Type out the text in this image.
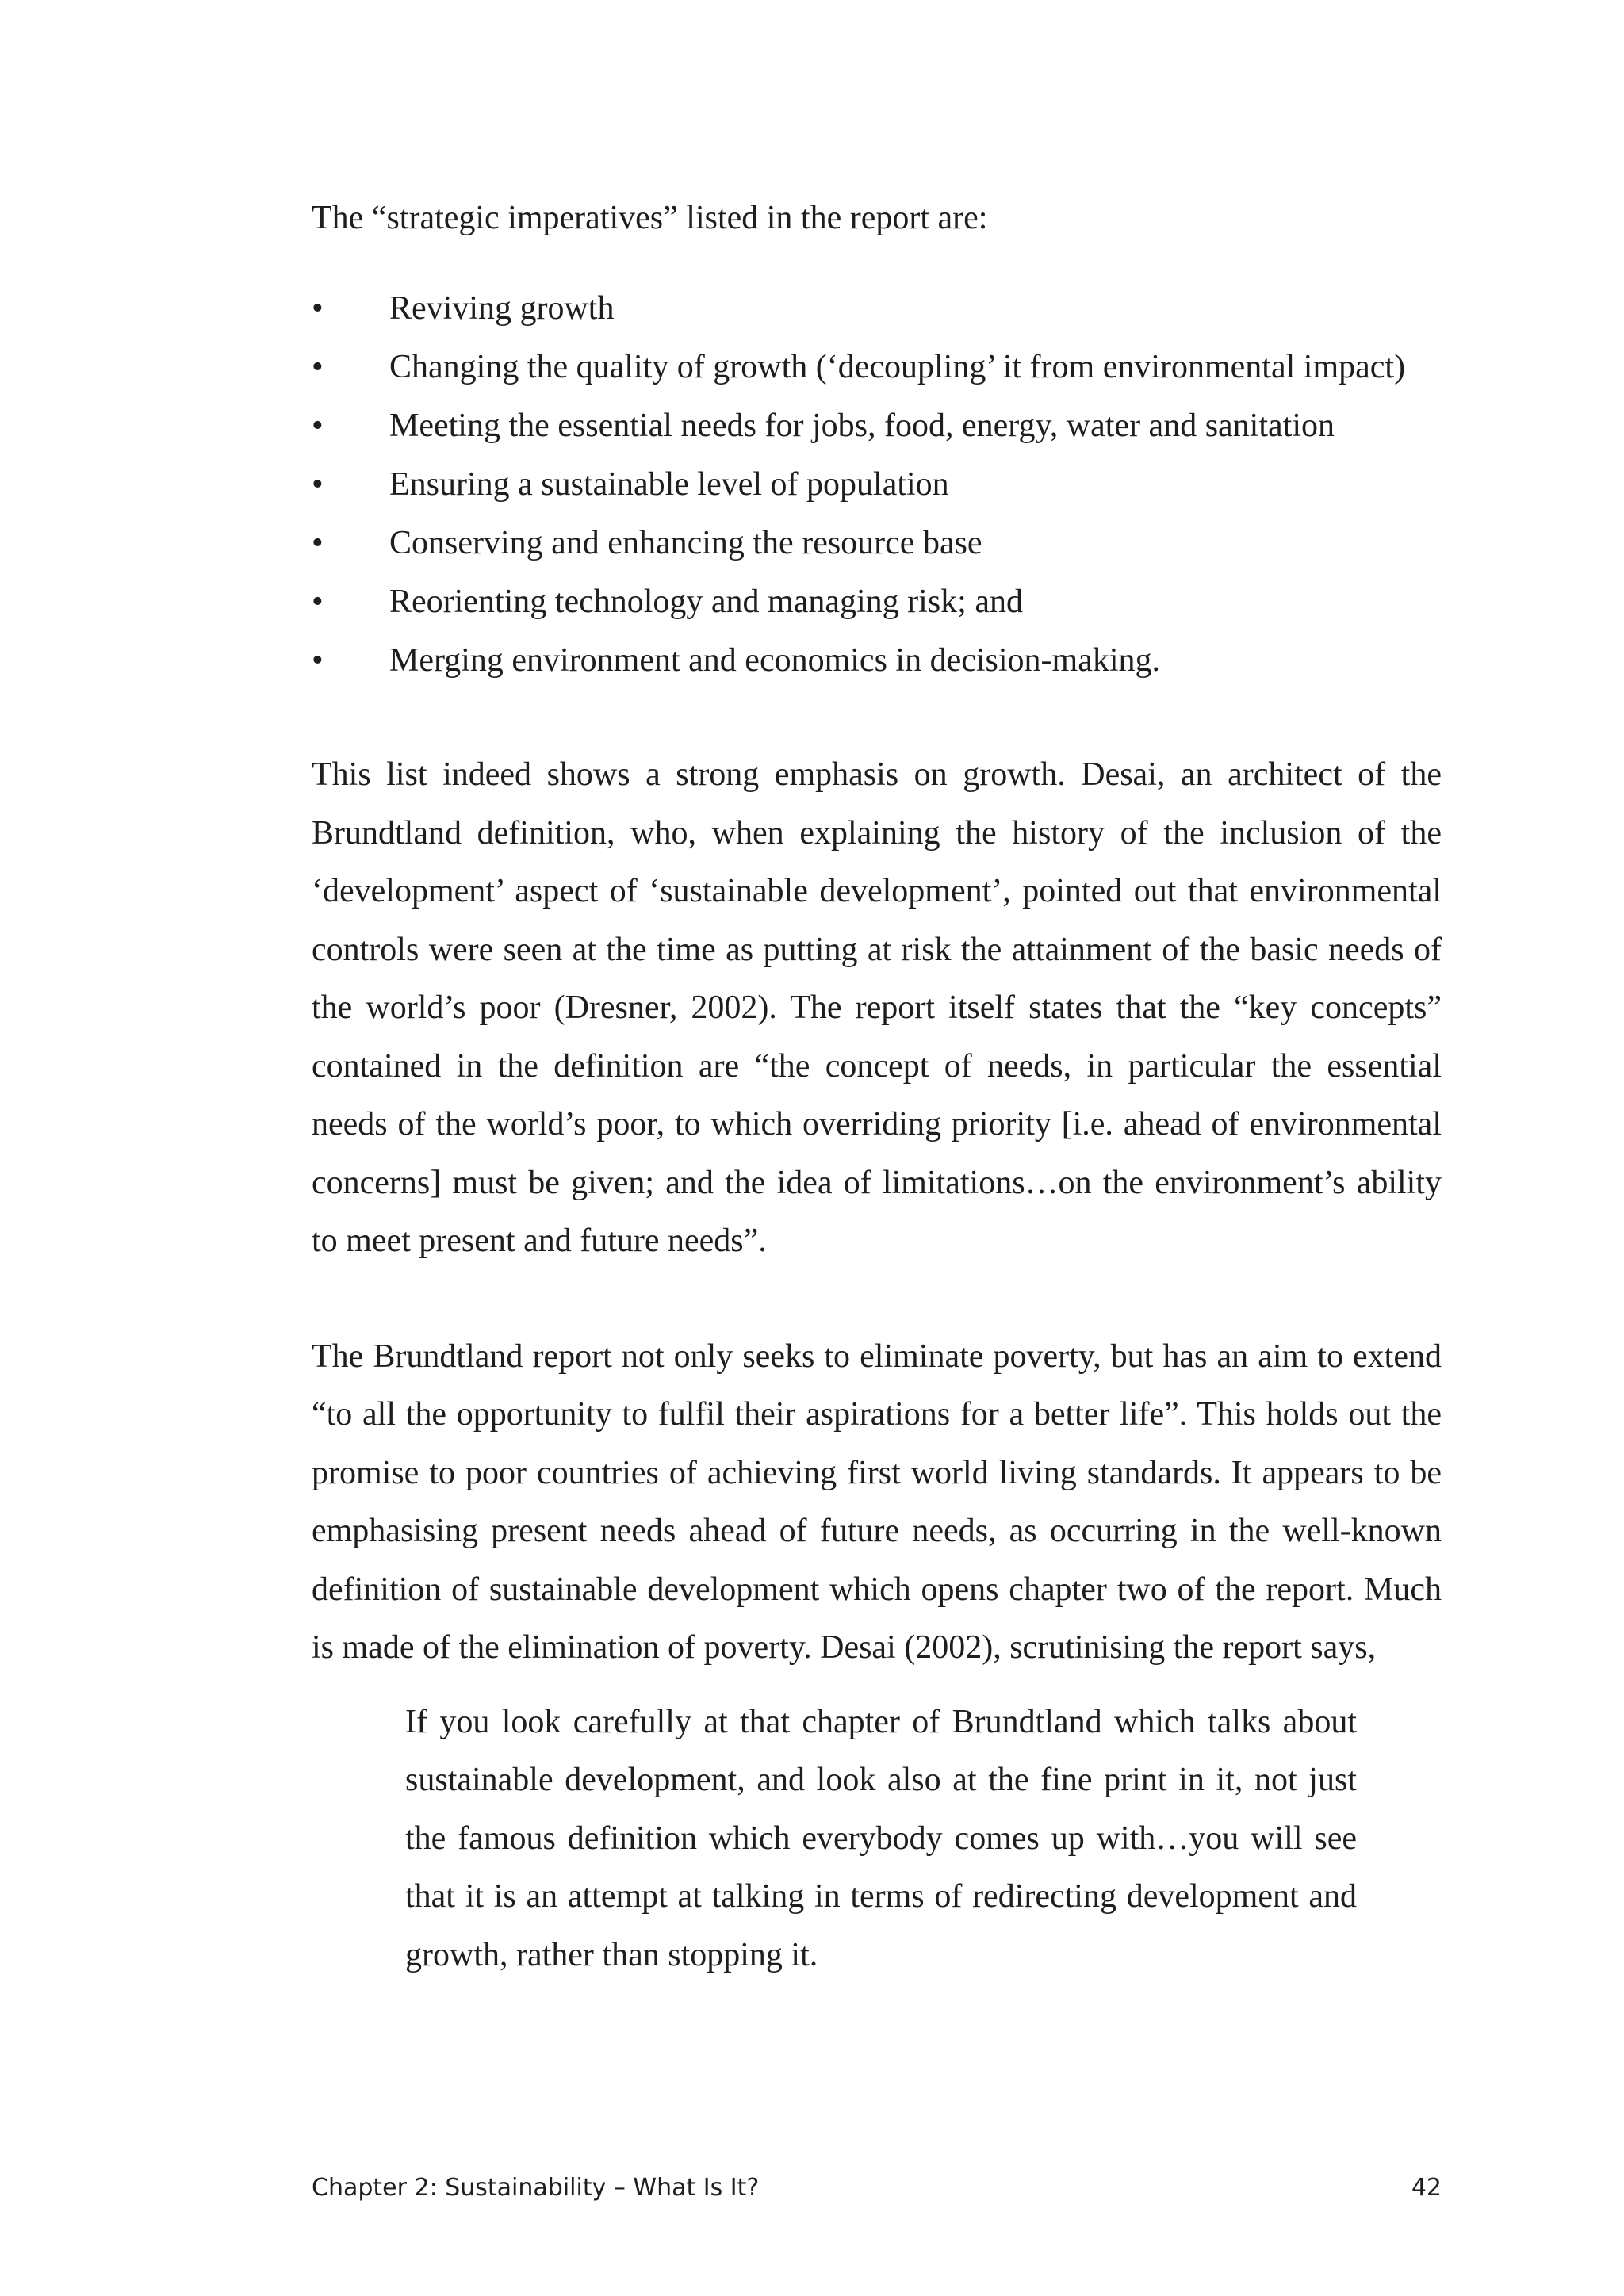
The “strategic imperatives” listed in the report are:

• Reviving growth
• Changing the quality of growth (‘decoupling’ it from environmental impact)
• Meeting the essential needs for jobs, food, energy, water and sanitation
• Ensuring a sustainable level of population
• Conserving and enhancing the resource base
• Reorienting technology and managing risk; and
• Merging environment and economics in decision-making.

This list indeed shows a strong emphasis on growth. Desai, an architect of the Brundtland definition, who, when explaining the history of the inclusion of the ‘development’ aspect of ‘sustainable development’, pointed out that environmental controls were seen at the time as putting at risk the attainment of the basic needs of the world’s poor (Dresner, 2002). The report itself states that the “key concepts” contained in the definition are “the concept of needs, in particular the essential needs of the world’s poor, to which overriding priority [i.e. ahead of environmental concerns] must be given; and the idea of limitations…on the environment’s ability to meet present and future needs”.

The Brundtland report not only seeks to eliminate poverty, but has an aim to extend “to all the opportunity to fulfil their aspirations for a better life”. This holds out the promise to poor countries of achieving first world living standards. It appears to be emphasising present needs ahead of future needs, as occurring in the well-known definition of sustainable development which opens chapter two of the report. Much is made of the elimination of poverty. Desai (2002), scrutinising the report says,

If you look carefully at that chapter of Brundtland which talks about sustainable development, and look also at the fine print in it, not just the famous definition which everybody comes up with…you will see that it is an attempt at talking in terms of redirecting development and growth, rather than stopping it.

Chapter 2: Sustainability – What Is It?	42
